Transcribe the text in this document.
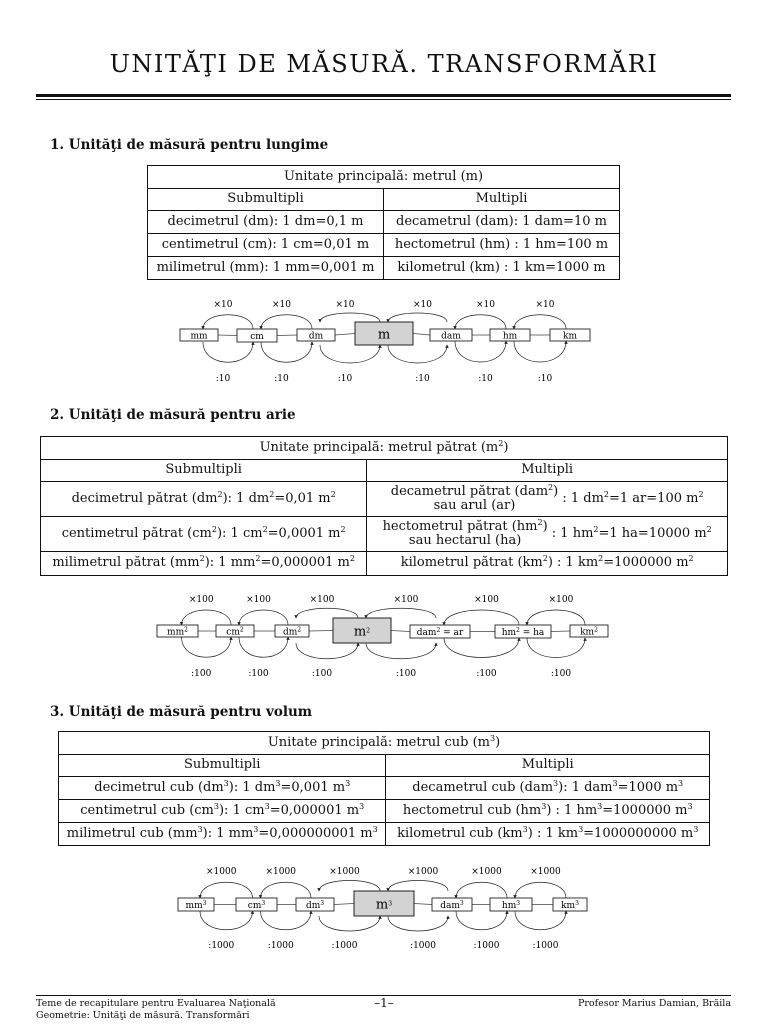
UNITĂŢI DE MĂSURĂ. TRANSFORMĂRI
1. Unităţi de măsură pentru lungime
Unitate principală: metrul (m)	
Submultipli	Multipli
decimetrul (dm): 1 dm=0,1 m	decametrul (dam): 1 dam=10 m
centimetrul (cm): 1 cm=0,01 m	hectometrul (hm) : 1 hm=100 m
milimetrul (mm): 1 mm=0,001 m	kilometrul (km) : 1 km=1000 m
×10
:10
×10
:10
×10
:10
×10
:10
×10
:10
×10
:10
mm	cm	dm	m	dam	hm	km
2. Unităţi de măsură pentru arie
Unitate principală: metrul pătrat $(m^2)$	
Submultipli	Multipli
decimetrul pătrat $(dm^2)$: 1 $dm^2=0,01$ $m^2$	decametrul pătrat (dam$^2$)
sau arul (ar) : 1 $dm^2=1$ ar=100 $m^2$
centimetrul pătrat $(cm^2)$: 1 $cm^2=0,0001$ $m^2$	hectometrul pătrat $(hm^2)$
sau hectarul (ha) : 1 $hm^2=1$ ha=10000 $m^2$
milimetrul pătrat $(mm^2)$: 1 $mm^2=0,000001$ $m^2$	kilometrul pătrat $(km^2)$ : 1 $km^2=1000000$ $m^2$
×100
:100
×100
:100
×100
:100
×100
:100
×100
:100
×100
:100
$mm^2$	$cm^2$	$dm^2$	$m^2$	dam$^2$ = ar	$hm^2$ = ha	$km^2$
3. Unităţi de măsură pentru volum
Unitate principală: metrul cub $(m^3)$	
Submultipli	Multipli
decimetrul cub $(dm^3)$: 1 $dm^3=0,001$ $m^3$	decametrul cub (dam$^3$): 1 dam$^3$=1000 $m^3$
centimetrul cub $(cm^3)$: 1 $cm^3=0,000001$ $m^3$	hectometrul cub $(hm^3)$ : 1 $hm^3=1000000$ $m^3$
milimetrul cub $(mm^3)$: 1 $mm^3=0,000000001$ $m^3$	kilometrul cub $(km^3)$ : 1 $km^3=1000000000$ $m^3$
×1000
:1000
×1000
:1000
×1000
:1000
×1000
:1000
×1000
:1000
×1000
:1000
$mm^3$	$cm^3$	$dm^3$	$m^3$	dam$^3$	$hm^3$	$km^3$
Teme de recapitulare pentru Evaluarea Naţională
Geometrie: Unităţi de măsură. Transformări
–1–	Profesor Marius Damian, Brăila
